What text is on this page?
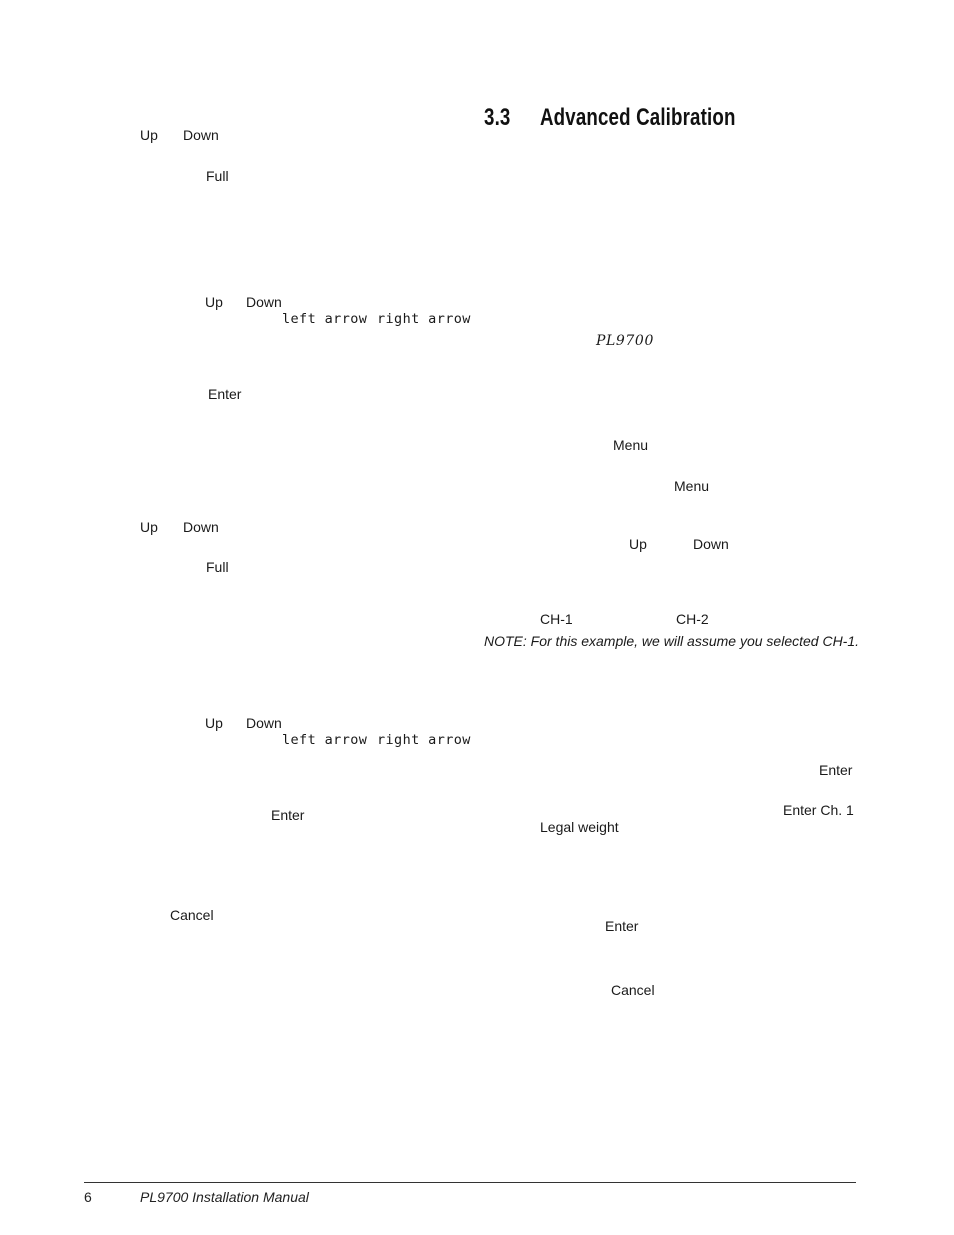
3.3 Advanced Calibration
Up Down
Full
Up Down
left arrow right arrow
Enter
Up Down
Full
Up Down
left arrow right arrow
Enter
Cancel
PL9700
Menu
Menu
Up	Down
CH-1	CH-2
NOTE: For this example, we will assume you selected CH-1.
Enter
Enter Ch. 1
Legal weight
Enter
Cancel
6	PL9700 Installation Manual
